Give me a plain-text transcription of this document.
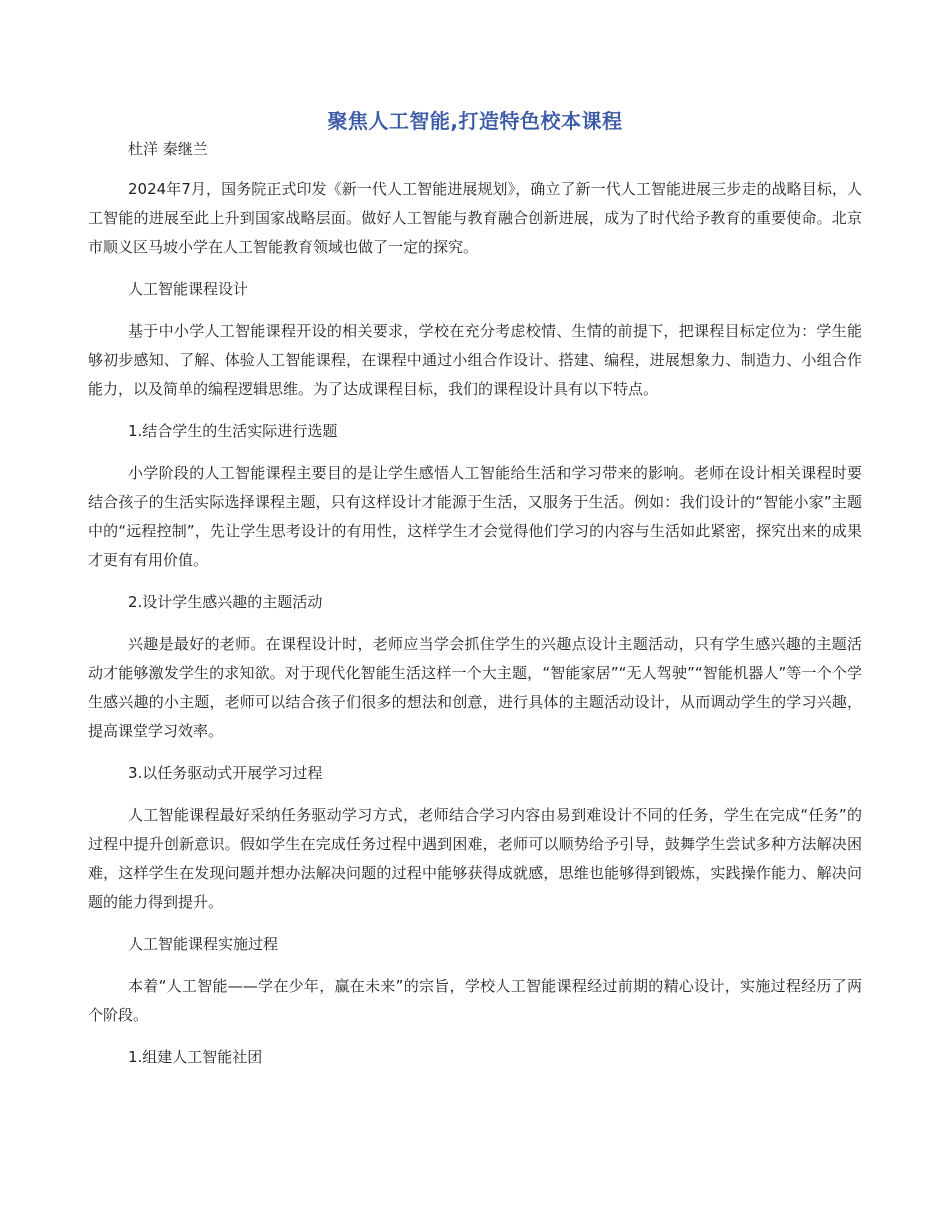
聚焦人工智能,打造特色校本课程
杜洋 秦继兰

2024年7月，国务院正式印发《新一代人工智能进展规划》，确立了新一代人工智能进展三步走的战略目标，人工智能的进展至此上升到国家战略层面。做好人工智能与教育融合创新进展，成为了时代给予教育的重要使命。北京市顺义区马坡小学在人工智能教育领域也做了一定的探究。

人工智能课程设计

基于中小学人工智能课程开设的相关要求，学校在充分考虑校情、生情的前提下，把课程目标定位为：学生能够初步感知、了解、体验人工智能课程，在课程中通过小组合作设计、搭建、编程，进展想象力、制造力、小组合作能力，以及简单的编程逻辑思维。为了达成课程目标，我们的课程设计具有以下特点。

1.结合学生的生活实际进行选题

小学阶段的人工智能课程主要目的是让学生感悟人工智能给生活和学习带来的影响。老师在设计相关课程时要结合孩子的生活实际选择课程主题，只有这样设计才能源于生活，又服务于生活。例如：我们设计的“智能小家”主题中的“远程控制”，先让学生思考设计的有用性，这样学生才会觉得他们学习的内容与生活如此紧密，探究出来的成果才更有有用价值。

2.设计学生感兴趣的主题活动

兴趣是最好的老师。在课程设计时，老师应当学会抓住学生的兴趣点设计主题活动，只有学生感兴趣的主题活动才能够激发学生的求知欲。对于现代化智能生活这样一个大主题，“智能家居”“无人驾驶”“智能机器人”等一个个学生感兴趣的小主题，老师可以结合孩子们很多的想法和创意，进行具体的主题活动设计，从而调动学生的学习兴趣，提高课堂学习效率。

3.以任务驱动式开展学习过程

人工智能课程最好采纳任务驱动学习方式，老师结合学习内容由易到难设计不同的任务，学生在完成“任务”的过程中提升创新意识。假如学生在完成任务过程中遇到困难，老师可以顺势给予引导，鼓舞学生尝试多种方法解决困难，这样学生在发现问题并想办法解决问题的过程中能够获得成就感，思维也能够得到锻炼，实践操作能力、解决问题的能力得到提升。

人工智能课程实施过程

本着“人工智能——学在少年，赢在未来”的宗旨，学校人工智能课程经过前期的精心设计，实施过程经历了两个阶段。

1.组建人工智能社团
